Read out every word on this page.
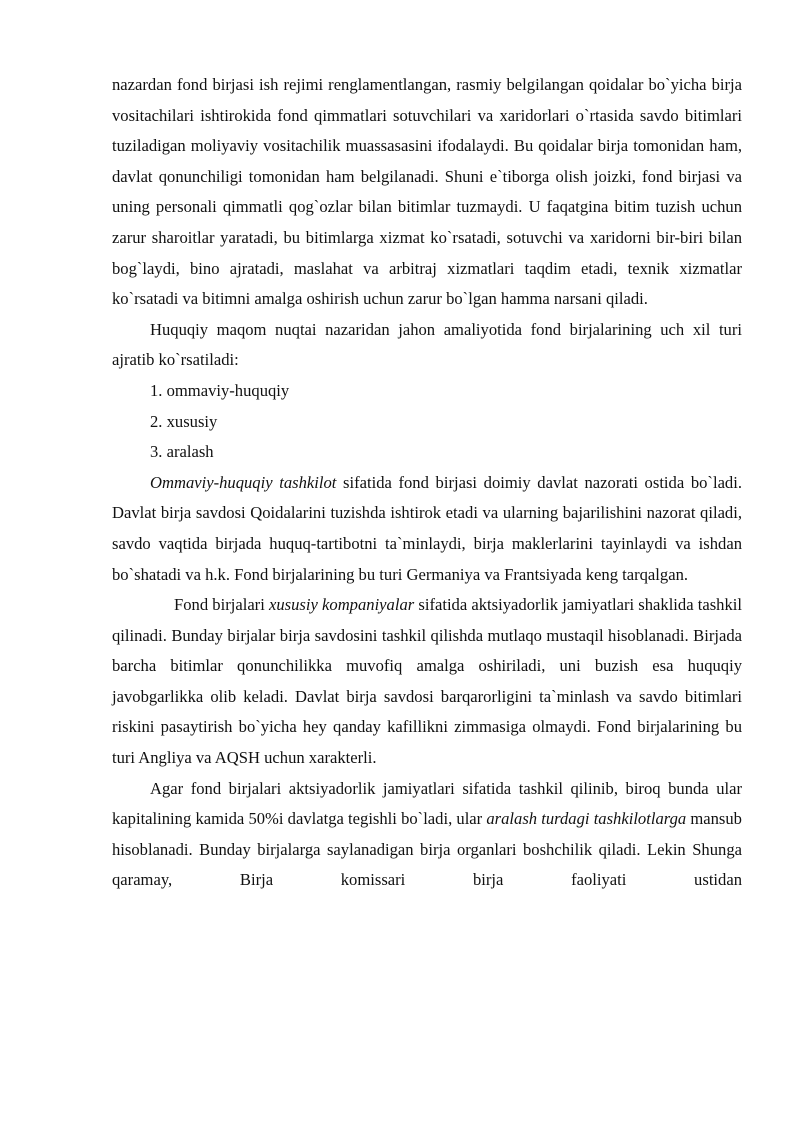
nazardan fond birjasi ish rejimi renglamentlangan, rasmiy belgilangan qoidalar bo`yicha birja vositachilari ishtirokida fond qimmatlari sotuvchilari va xaridorlari o`rtasida savdo bitimlari tuziladigan moliyaviy vositachilik muassasasini ifodalaydi. Bu qoidalar birja tomonidan ham, davlat qonunchiligi tomonidan ham belgilanadi. Shuni e`tiborga olish joizki, fond birjasi va uning personali qimmatli qog`ozlar bilan bitimlar tuzmaydi. U faqatgina bitim tuzish uchun zarur sharoitlar yaratadi, bu bitimlarga xizmat ko`rsatadi, sotuvchi va xaridorni bir-biri bilan bog`laydi, bino ajratadi, maslahat va arbitraj xizmatlari taqdim etadi, texnik xizmatlar ko`rsatadi va bitimni amalga oshirish uchun zarur bo`lgan hamma narsani qiladi.

Huquqiy maqom nuqtai nazaridan jahon amaliyotida fond birjalarining uch xil turi ajratib ko`rsatiladi:

1. ommaviy-huquqiy

2. xususiy

3. aralash

Ommaviy-huquqiy tashkilot sifatida fond birjasi doimiy davlat nazorati ostida bo`ladi. Davlat birja savdosi Qoidalarini tuzishda ishtirok etadi va ularning bajarilishini nazorat qiladi, savdo vaqtida birjada huquq-tartibotni ta`minlaydi, birja maklerlarini tayinlaydi va ishdan bo`shatadi va h.k. Fond birjalarining bu turi Germaniya va Frantsiyada keng tarqalgan.

Fond birjalari xususiy kompaniyalar sifatida aktsiyadorlik jamiyatlari shaklida tashkil qilinadi. Bunday birjalar birja savdosini tashkil qilishda mutlaqo mustaqil hisoblanadi. Birjada barcha bitimlar qonunchilikka muvofiq amalga oshiriladi, uni buzish esa huquqiy javobgarlikka olib keladi. Davlat birja savdosi barqarorligini ta`minlash va savdo bitimlari riskini pasaytirish bo`yicha hey qanday kafillikni zimmasiga olmaydi. Fond birjalarining bu turi Angliya va AQSH uchun xarakterli.

Agar fond birjalari aktsiyadorlik jamiyatlari sifatida tashkil qilinib, biroq bunda ular kapitalining kamida 50%i davlatga tegishli bo`ladi, ular aralash turdagi tashkilotlarga mansub hisoblanadi. Bunday birjalarga saylanadigan birja organlari boshchilik qiladi. Lekin Shunga qaramay, Birja komissari birja faoliyati ustidan
